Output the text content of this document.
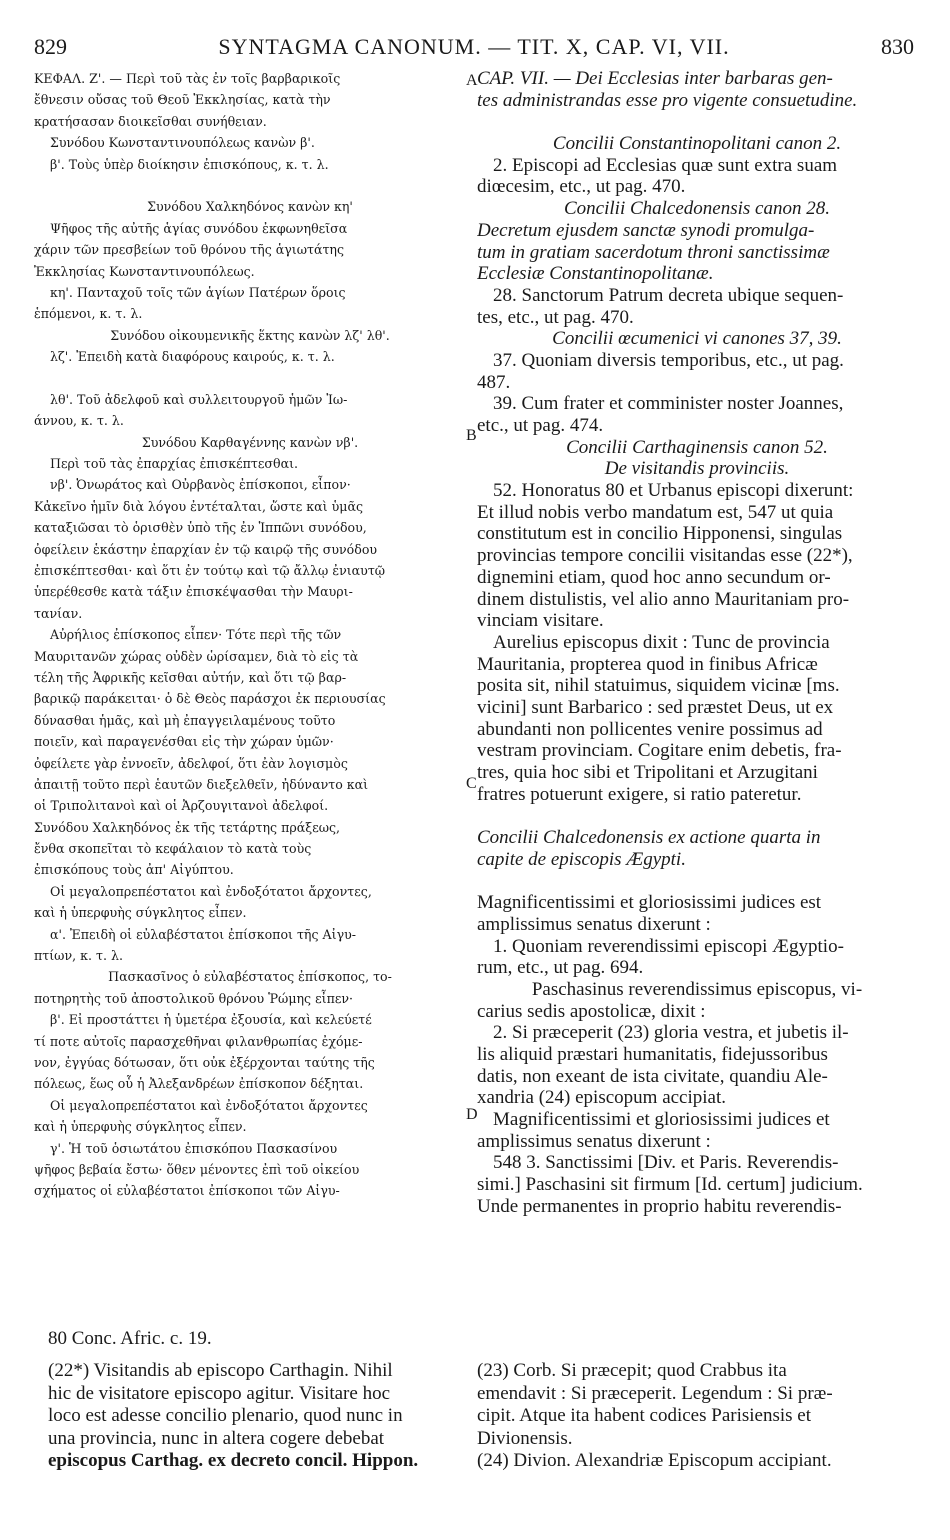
829	SYNTAGMA CANONUM. — TIT. X, CAP. VI, VII.	830
A
B
C
D
ΚΕΦΑΛ. Ζ'. — Περὶ τοῦ τὰς ἐν τοῖς βαρβαρικοῖς
ἔθνεσιν οὔσας τοῦ Θεοῦ Ἐκκλησίας, κατὰ τὴν
κρατήσασαν διοικεῖσθαι συνήθειαν.
Συνόδου Κωνσταντινουπόλεως κανὼν β'.
β'. Τοὺς ὑπὲρ διοίκησιν ἐπισκόπους, κ. τ. λ.

Συνόδου Χαλκηδόνος κανὼν κη'
Ψῆφος τῆς αὐτῆς ἁγίας συνόδου ἐκφωνηθεῖσα
χάριν τῶν πρεσβείων τοῦ θρόνου τῆς ἁγιωτάτης
Ἐκκλησίας Κωνσταντινουπόλεως.
κη'. Πανταχοῦ τοῖς τῶν ἁγίων Πατέρων ὅροις
ἑπόμενοι, κ. τ. λ.
Συνόδου οἰκουμενικῆς ἕκτης κανὼν λζ' λθ'.
λζ'. Ἐπειδὴ κατὰ διαφόρους καιρούς, κ. τ. λ.

λθ'. Τοῦ ἀδελφοῦ καὶ συλλειτουργοῦ ἡμῶν Ἰω-
άννου, κ. τ. λ.
Συνόδου Καρθαγέννης κανὼν νβ'.
Περὶ τοῦ τὰς ἐπαρχίας ἐπισκέπτεσθαι.
νβ'. Ὀνωράτος καὶ Οὐρβανὸς ἐπίσκοποι, εἶπον·
Κἀκεῖνο ἡμῖν διὰ λόγου ἐντέταλται, ὥστε καὶ ὑμᾶς
καταξιῶσαι τὸ ὁρισθὲν ὑπὸ τῆς ἐν Ἱππῶνι συνόδου,
ὀφείλειν ἑκάστην ἐπαρχίαν ἐν τῷ καιρῷ τῆς συνόδου
ἐπισκέπτεσθαι· καὶ ὅτι ἐν τούτῳ καὶ τῷ ἄλλῳ ἐνιαυτῷ
ὑπερέθεσθε κατὰ τάξιν ἐπισκέψασθαι τὴν Μαυρι-
τανίαν.
Αὐρήλιος ἐπίσκοπος εἶπεν· Τότε περὶ τῆς τῶν
Μαυριτανῶν χώρας οὐδὲν ὡρίσαμεν, διὰ τὸ εἰς τὰ
τέλη τῆς Ἀφρικῆς κεῖσθαι αὐτήν, καὶ ὅτι τῷ βαρ-
βαρικῷ παράκειται· ὁ δὲ Θεὸς παράσχοι ἐκ περιουσίας
δύνασθαι ἡμᾶς, καὶ μὴ ἐπαγγειλαμένους τοῦτο
ποιεῖν, καὶ παραγενέσθαι εἰς τὴν χώραν ὑμῶν·
ὀφείλετε γὰρ ἐννοεῖν, ἀδελφοί, ὅτι ἐὰν λογισμὸς
ἀπαιτῇ τοῦτο περὶ ἑαυτῶν διεξελθεῖν, ἠδύναντο καὶ
οἱ Τριπολιτανοὶ καὶ οἱ Ἀρζουγιτανοὶ ἀδελφοί.
Συνόδου Χαλκηδόνος ἐκ τῆς τετάρτης πράξεως,
ἔνθα σκοπεῖται τὸ κεφάλαιον τὸ κατὰ τοὺς
ἐπισκόπους τοὺς ἀπ' Αἰγύπτου.
Οἱ μεγαλοπρεπέστατοι καὶ ἐνδοξότατοι ἄρχοντες,
καὶ ἡ ὑπερφυὴς σύγκλητος εἶπεν.
α'. Ἐπειδὴ οἱ εὐλαβέστατοι ἐπίσκοποι τῆς Αἰγυ-
πτίων, κ. τ. λ.
Πασκασῖνος ὁ εὐλαβέστατος ἐπίσκοπος, το-
ποτηρητὴς τοῦ ἀποστολικοῦ θρόνου Ῥώμης εἶπεν·
β'. Εἰ προστάττει ἡ ὑμετέρα ἐξουσία, καὶ κελεύετέ
τί ποτε αὐτοῖς παρασχεθῆναι φιλανθρωπίας ἐχόμε-
νον, ἐγγύας δότωσαν, ὅτι οὐκ ἐξέρχονται ταύτης τῆς
πόλεως, ἕως οὗ ἡ Ἀλεξανδρέων ἐπίσκοπον δέξηται.
Οἱ μεγαλοπρεπέστατοι καὶ ἐνδοξότατοι ἄρχοντες
καὶ ἡ ὑπερφυὴς σύγκλητος εἶπεν.
γ'. Ἡ τοῦ ὁσιωτάτου ἐπισκόπου Πασκασίνου
ψῆφος βεβαία ἔστω· ὅθεν μένοντες ἐπὶ τοῦ οἰκείου
σχήματος οἱ εὐλαβέστατοι ἐπίσκοποι τῶν Αἰγυ-
CAP. VII. — Dei Ecclesias inter barbaras gen-
tes administrandas esse pro vigente consuetudine.

Concilii Constantinopolitani canon 2.
2. Episcopi ad Ecclesias quæ sunt extra suam
diœcesim, etc., ut pag. 470.
Concilii Chalcedonensis canon 28.
Decretum ejusdem sanctæ synodi promulga-
tum in gratiam sacerdotum throni sanctissimæ
Ecclesiæ Constantinopolitanæ.
28. Sanctorum Patrum decreta ubique sequen-
tes, etc., ut pag. 470.
Concilii œcumenici vi canones 37, 39.
37. Quoniam diversis temporibus, etc., ut pag.
487.
39. Cum frater et comminister noster Joannes,
etc., ut pag. 474.
Concilii Carthaginensis canon 52.
De visitandis provinciis.
52. Honoratus 80 et Urbanus episcopi dixerunt:
Et illud nobis verbo mandatum est, 547 ut quia
constitutum est in concilio Hipponensi, singulas
provincias tempore concilii visitandas esse (22*),
dignemini etiam, quod hoc anno secundum or-
dinem distulistis, vel alio anno Mauritaniam pro-
vinciam visitare.
Aurelius episcopus dixit : Tunc de provincia
Mauritania, propterea quod in finibus Africæ
posita sit, nihil statuimus, siquidem vicinæ [ms.
vicini] sunt Barbarico : sed præstet Deus, ut ex
abundanti non pollicentes venire possimus ad
vestram provinciam. Cogitare enim debetis, fra-
tres, quia hoc sibi et Tripolitani et Arzugitani
fratres potuerunt exigere, si ratio pateretur.

Concilii Chalcedonensis ex actione quarta in
capite de episcopis Ægypti.

Magnificentissimi et gloriosissimi judices est
amplissimus senatus dixerunt :
1. Quoniam reverendissimi episcopi Ægyptio-
rum, etc., ut pag. 694.
Paschasinus reverendissimus episcopus, vi-
carius sedis apostolicæ, dixit :
2. Si præceperit (23) gloria vestra, et jubetis il-
lis aliquid præstari humanitatis, fidejussoribus
datis, non exeant de ista civitate, quandiu Ale-
xandria (24) episcopum accipiat.
Magnificentissimi et gloriosissimi judices et
amplissimus senatus dixerunt :
548 3. Sanctissimi [Div. et Paris. Reverendis-
simi.] Paschasini sit firmum [Id. certum] judicium.
Unde permanentes in proprio habitu reverendis-
80 Conc. Afric. c. 19.
(22*) Visitandis ab episcopo Carthagin. Nihil
hic de visitatore episcopo agitur. Visitare hoc
loco est adesse concilio plenario, quod nunc in
una provincia, nunc in altera cogere debebat
episcopus Carthag. ex decreto concil. Hippon.
(23) Corb. Si præcepit; quod Crabbus ita
emendavit : Si præceperit. Legendum : Si præ-
cipit. Atque ita habent codices Parisiensis et
Divionensis.
(24) Divion. Alexandriæ Episcopum accipiant.
